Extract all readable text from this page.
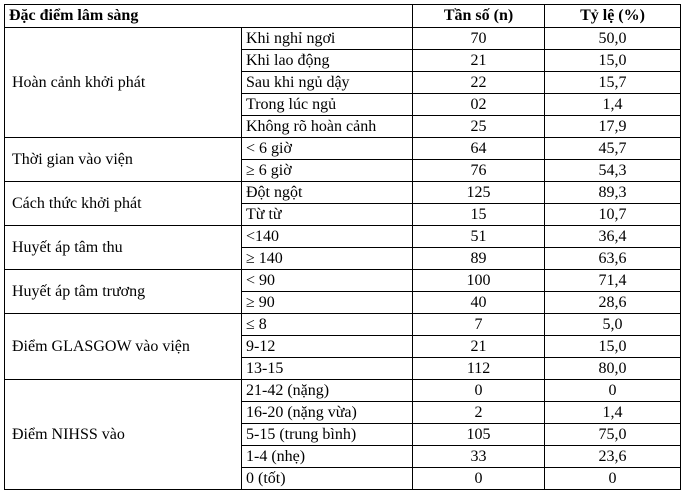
Đặc điểm lâm sàng		Tần số (n)	Tỷ lệ (%)
Hoàn cảnh khởi phát	Khi nghỉ ngơi	70	50,0
	Khi lao động	21	15,0
	Sau khi ngủ dậy	22	15,7
	Trong lúc ngủ	02	1,4
	Không rõ hoàn cảnh	25	17,9
Thời gian vào viện	< 6 giờ	64	45,7
	≥ 6 giờ	76	54,3
Cách thức khởi phát	Đột ngột	125	89,3
	Từ từ	15	10,7
Huyết áp tâm thu	<140	51	36,4
	≥ 140	89	63,6
Huyết áp tâm trương	< 90	100	71,4
	≥ 90	40	28,6
Điểm GLASGOW vào viện	≤ 8	7	5,0
	9-12	21	15,0
	13-15	112	80,0
Điểm NIHSS vào	21-42 (nặng)	0	0
	16-20 (nặng vừa)	2	1,4
	5-15 (trung bình)	105	75,0
	1-4 (nhẹ)	33	23,6
	0 (tốt)	0	0
